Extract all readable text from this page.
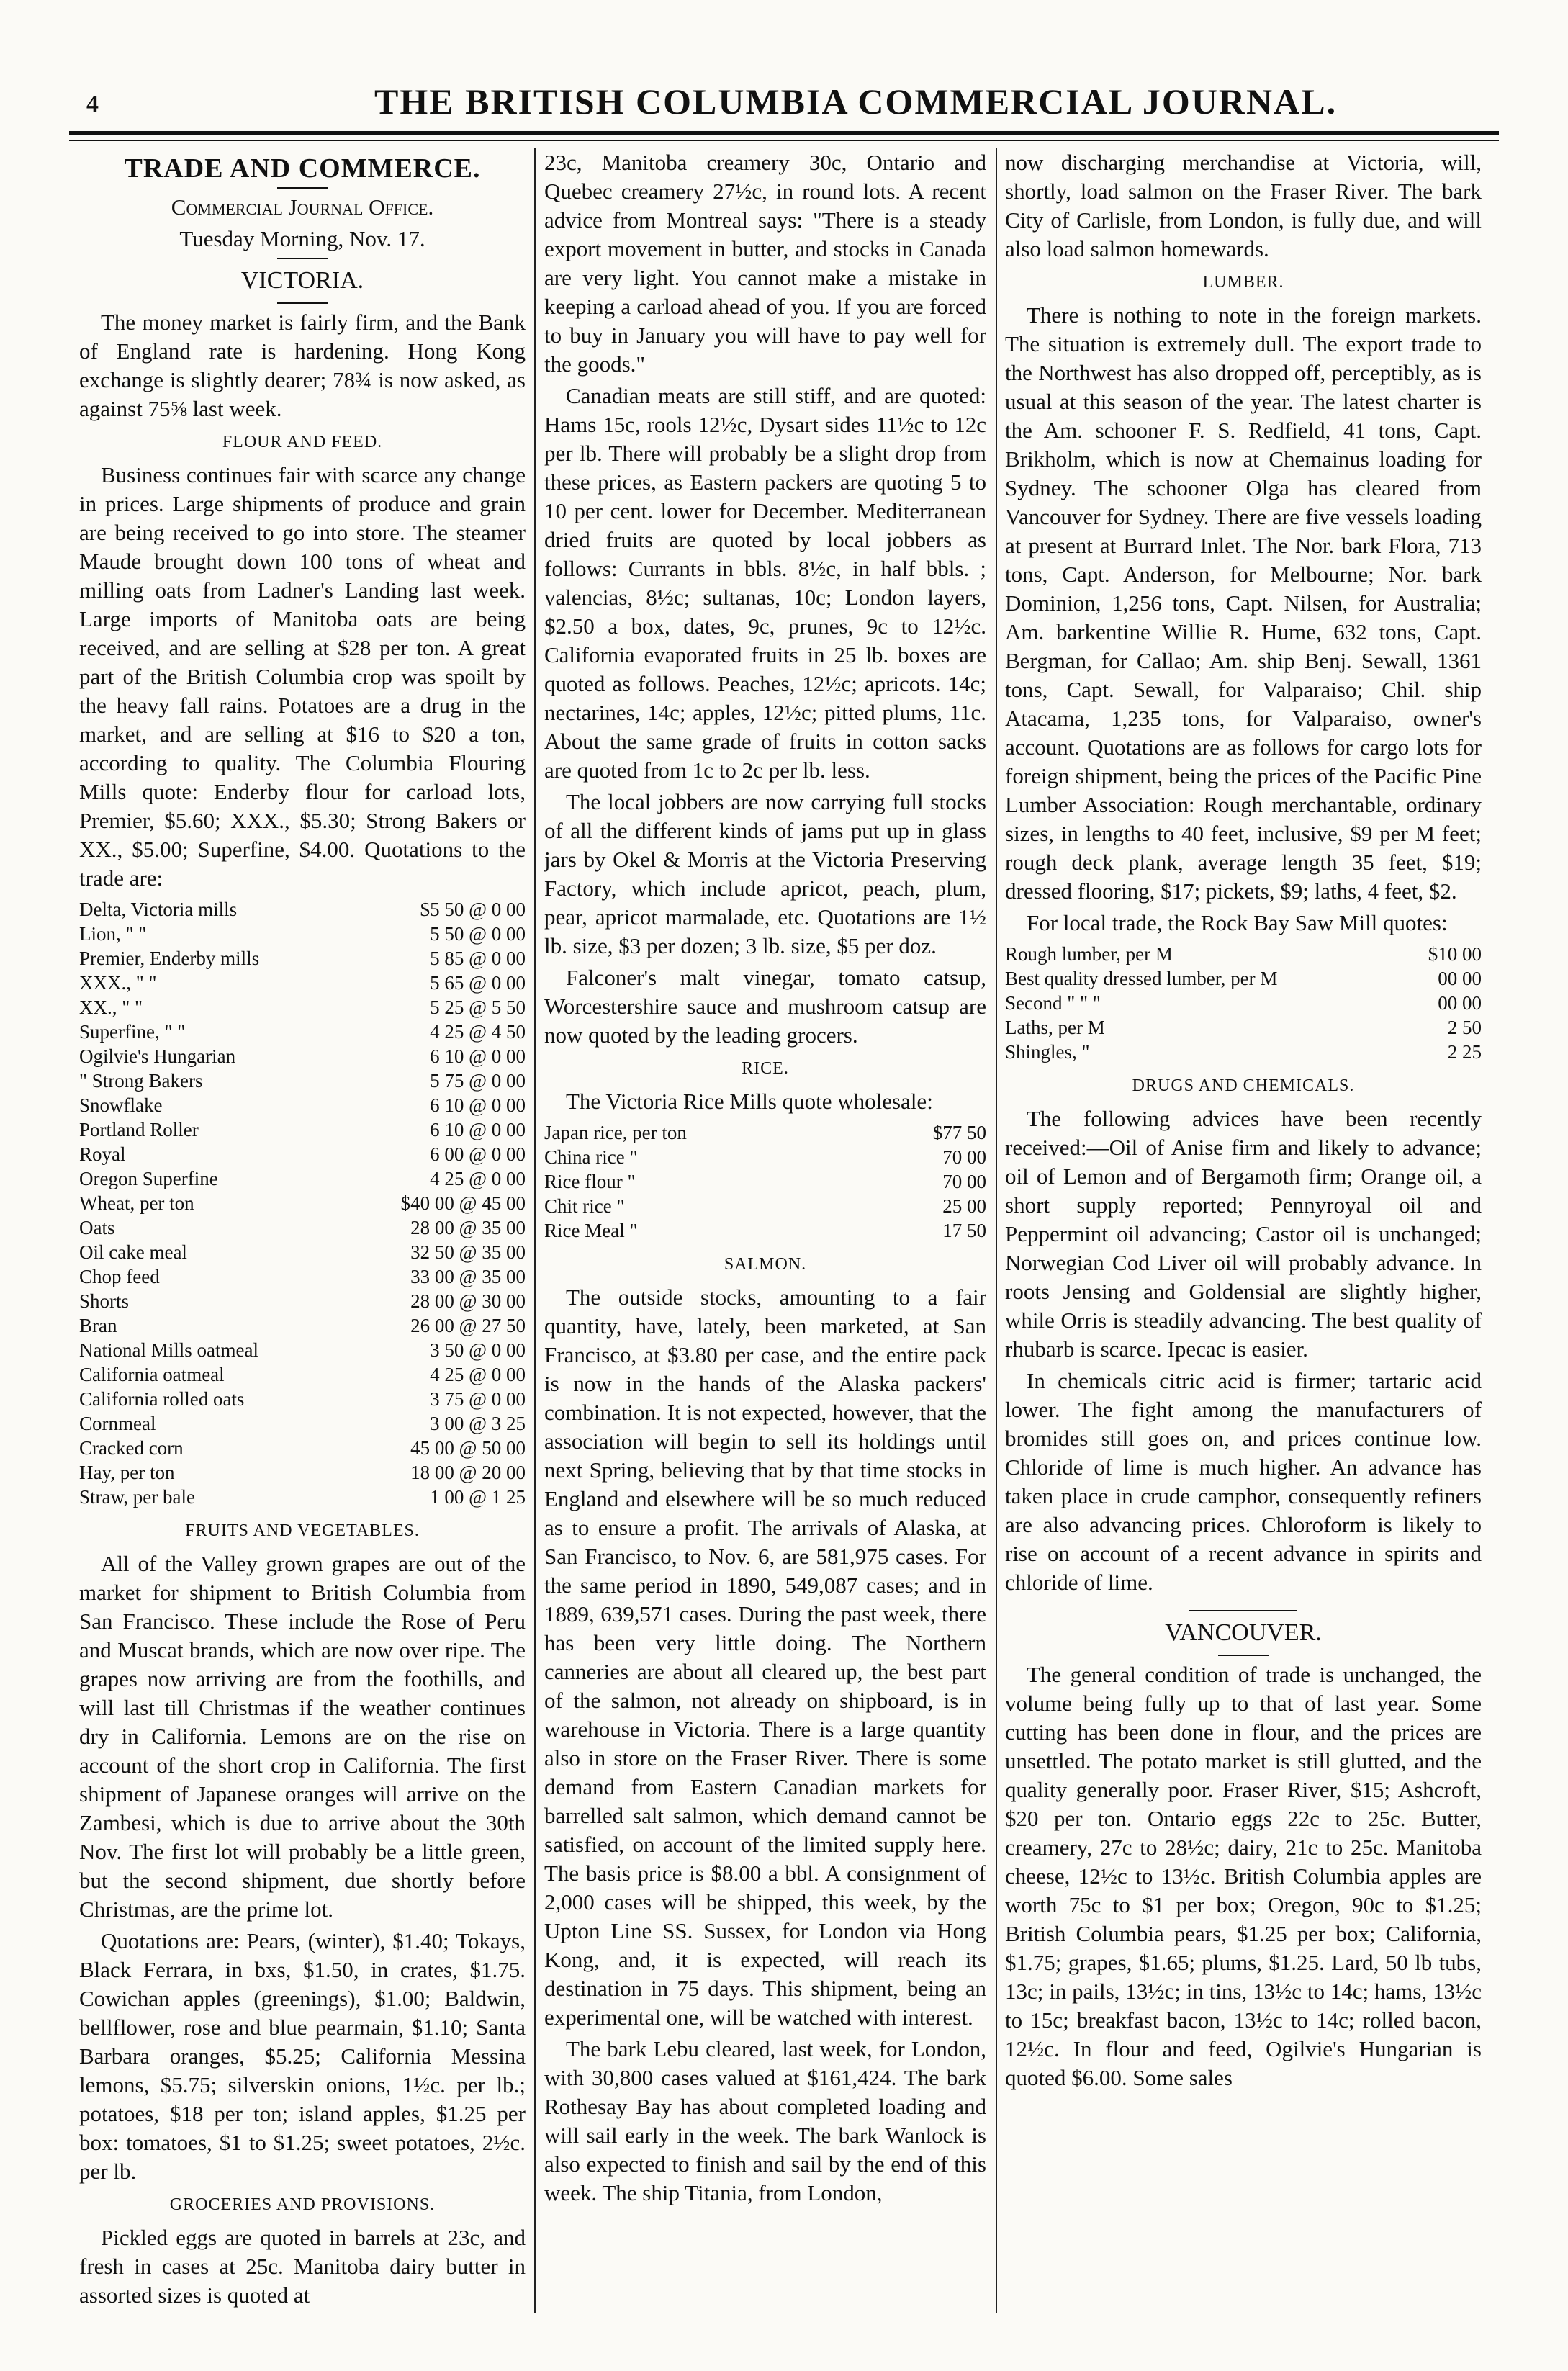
4	THE BRITISH COLUMBIA COMMERCIAL JOURNAL.
TRADE AND COMMERCE.
Commercial Journal Office.
Tuesday Morning, Nov. 17.
VICTORIA.

The money market is fairly firm, and the Bank of England rate is hardening. Hong Kong exchange is slightly dearer; 78¾ is now asked, as against 75⅝ last week.

FLOUR AND FEED.

Business continues fair with scarce any change in prices. Large shipments of produce and grain are being received to go into store. The steamer Maude brought down 100 tons of wheat and milling oats from Ladner's Landing last week. Large imports of Manitoba oats are being received, and are selling at $28 per ton. A great part of the British Columbia crop was spoilt by the heavy fall rains. Potatoes are a drug in the market, and are selling at $16 to $20 a ton, according to quality. The Columbia Flouring Mills quote: Enderby flour for carload lots, Premier, $5.60; XXX., $5.30; Strong Bakers or XX., $5.00; Superfine, $4.00. Quotations to the trade are:

Delta, Victoria mills	$5 50 @ 0 00
Lion, " "	5 50 @ 0 00
Premier, Enderby mills	5 85 @ 0 00
XXX., " "	5 65 @ 0 00
XX., " "	5 25 @ 5 50
Superfine, " "	4 25 @ 4 50
Ogilvie's Hungarian	6 10 @ 0 00
" Strong Bakers	5 75 @ 0 00
Snowflake	6 10 @ 0 00
Portland Roller	6 10 @ 0 00
Royal	6 00 @ 0 00
Oregon Superfine	4 25 @ 0 00
Wheat, per ton	$40 00 @ 45 00
Oats	28 00 @ 35 00
Oil cake meal	32 50 @ 35 00
Chop feed	33 00 @ 35 00
Shorts	28 00 @ 30 00
Bran	26 00 @ 27 50
National Mills oatmeal	3 50 @ 0 00
California oatmeal	4 25 @ 0 00
California rolled oats	3 75 @ 0 00
Cornmeal	3 00 @ 3 25
Cracked corn	45 00 @ 50 00
Hay, per ton	18 00 @ 20 00
Straw, per bale	1 00 @ 1 25
FRUITS AND VEGETABLES.

All of the Valley grown grapes are out of the market for shipment to British Columbia from San Francisco. These include the Rose of Peru and Muscat brands, which are now over ripe. The grapes now arriving are from the foothills, and will last till Christmas if the weather continues dry in California. Lemons are on the rise on account of the short crop in California. The first shipment of Japanese oranges will arrive on the Zambesi, which is due to arrive about the 30th Nov. The first lot will probably be a little green, but the second shipment, due shortly before Christmas, are the prime lot.

Quotations are: Pears, (winter), $1.40; Tokays, Black Ferrara, in bxs, $1.50, in crates, $1.75. Cowichan apples (greenings), $1.00; Baldwin, bellflower, rose and blue pearmain, $1.10; Santa Barbara oranges, $5.25; California Messina lemons, $5.75; silverskin onions, 1½c. per lb.; potatoes, $18 per ton; island apples, $1.25 per box: tomatoes, $1 to $1.25; sweet potatoes, 2½c. per lb.

GROCERIES AND PROVISIONS.

Pickled eggs are quoted in barrels at 23c, and fresh in cases at 25c. Manitoba dairy butter in assorted sizes is quoted at

23c, Manitoba creamery 30c, Ontario and Quebec creamery 27½c, in round lots. A recent advice from Montreal says: "There is a steady export movement in butter, and stocks in Canada are very light. You cannot make a mistake in keeping a carload ahead of you. If you are forced to buy in January you will have to pay well for the goods."

Canadian meats are still stiff, and are quoted: Hams 15c, rools 12½c, Dysart sides 11½c to 12c per lb. There will probably be a slight drop from these prices, as Eastern packers are quoting 5 to 10 per cent. lower for December. Mediterranean dried fruits are quoted by local jobbers as follows: Currants in bbls. 8½c, in half bbls. ; valencias, 8½c; sultanas, 10c; London layers, $2.50 a box, dates, 9c, prunes, 9c to 12½c. California evaporated fruits in 25 lb. boxes are quoted as follows. Peaches, 12½c; apricots. 14c; nectarines, 14c; apples, 12½c; pitted plums, 11c. About the same grade of fruits in cotton sacks are quoted from 1c to 2c per lb. less.

The local jobbers are now carrying full stocks of all the different kinds of jams put up in glass jars by Okel & Morris at the Victoria Preserving Factory, which include apricot, peach, plum, pear, apricot marmalade, etc. Quotations are 1½ lb. size, $3 per dozen; 3 lb. size, $5 per doz.

Falconer's malt vinegar, tomato catsup, Worcestershire sauce and mushroom catsup are now quoted by the leading grocers.

RICE.

The Victoria Rice Mills quote wholesale:

Japan rice, per ton	$77 50
China rice "	70 00
Rice flour "	70 00
Chit rice "	25 00
Rice Meal "	17 50
SALMON.

The outside stocks, amounting to a fair quantity, have, lately, been marketed, at San Francisco, at $3.80 per case, and the entire pack is now in the hands of the Alaska packers' combination. It is not expected, however, that the association will begin to sell its holdings until next Spring, believing that by that time stocks in England and elsewhere will be so much reduced as to ensure a profit. The arrivals of Alaska, at San Francisco, to Nov. 6, are 581,975 cases. For the same period in 1890, 549,087 cases; and in 1889, 639,571 cases. During the past week, there has been very little doing. The Northern canneries are about all cleared up, the best part of the salmon, not already on shipboard, is in warehouse in Victoria. There is a large quantity also in store on the Fraser River. There is some demand from Eastern Canadian markets for barrelled salt salmon, which demand cannot be satisfied, on account of the limited supply here. The basis price is $8.00 a bbl. A consignment of 2,000 cases will be shipped, this week, by the Upton Line SS. Sussex, for London via Hong Kong, and, it is expected, will reach its destination in 75 days. This shipment, being an experimental one, will be watched with interest.

The bark Lebu cleared, last week, for London, with 30,800 cases valued at $161,424. The bark Rothesay Bay has about completed loading and will sail early in the week. The bark Wanlock is also expected to finish and sail by the end of this week. The ship Titania, from London,

now discharging merchandise at Victoria, will, shortly, load salmon on the Fraser River. The bark City of Carlisle, from London, is fully due, and will also load salmon homewards.

LUMBER.

There is nothing to note in the foreign markets. The situation is extremely dull. The export trade to the Northwest has also dropped off, perceptibly, as is usual at this season of the year. The latest charter is the Am. schooner F. S. Redfield, 41 tons, Capt. Brikholm, which is now at Chemainus loading for Sydney. The schooner Olga has cleared from Vancouver for Sydney. There are five vessels loading at present at Burrard Inlet. The Nor. bark Flora, 713 tons, Capt. Anderson, for Melbourne; Nor. bark Dominion, 1,256 tons, Capt. Nilsen, for Australia; Am. barkentine Willie R. Hume, 632 tons, Capt. Bergman, for Callao; Am. ship Benj. Sewall, 1361 tons, Capt. Sewall, for Valparaiso; Chil. ship Atacama, 1,235 tons, for Valparaiso, owner's account. Quotations are as follows for cargo lots for foreign shipment, being the prices of the Pacific Pine Lumber Association: Rough merchantable, ordinary sizes, in lengths to 40 feet, inclusive, $9 per M feet; rough deck plank, average length 35 feet, $19; dressed flooring, $17; pickets, $9; laths, 4 feet, $2.

For local trade, the Rock Bay Saw Mill quotes:

Rough lumber, per M	$10 00
Best quality dressed lumber, per M	00 00
Second " " "	00 00
Laths, per M	2 50
Shingles, "	2 25
DRUGS AND CHEMICALS.

The following advices have been recently received:—Oil of Anise firm and likely to advance; oil of Lemon and of Bergamoth firm; Orange oil, a short supply reported; Pennyroyal oil and Peppermint oil advancing; Castor oil is unchanged; Norwegian Cod Liver oil will probably advance. In roots Jensing and Goldensial are slightly higher, while Orris is steadily advancing. The best quality of rhubarb is scarce. Ipecac is easier.

In chemicals citric acid is firmer; tartaric acid lower. The fight among the manufacturers of bromides still goes on, and prices continue low. Chloride of lime is much higher. An advance has taken place in crude camphor, consequently refiners are also advancing prices. Chloroform is likely to rise on account of a recent advance in spirits and chloride of lime.

VANCOUVER.

The general condition of trade is unchanged, the volume being fully up to that of last year. Some cutting has been done in flour, and the prices are unsettled. The potato market is still glutted, and the quality generally poor. Fraser River, $15; Ashcroft, $20 per ton. Ontario eggs 22c to 25c. Butter, creamery, 27c to 28½c; dairy, 21c to 25c. Manitoba cheese, 12½c to 13½c. British Columbia apples are worth 75c to $1 per box; Oregon, 90c to $1.25; British Columbia pears, $1.25 per box; California, $1.75; grapes, $1.65; plums, $1.25. Lard, 50 lb tubs, 13c; in pails, 13½c; in tins, 13½c to 14c; hams, 13½c to 15c; breakfast bacon, 13½c to 14c; rolled bacon, 12½c. In flour and feed, Ogilvie's Hungarian is quoted $6.00. Some sales
